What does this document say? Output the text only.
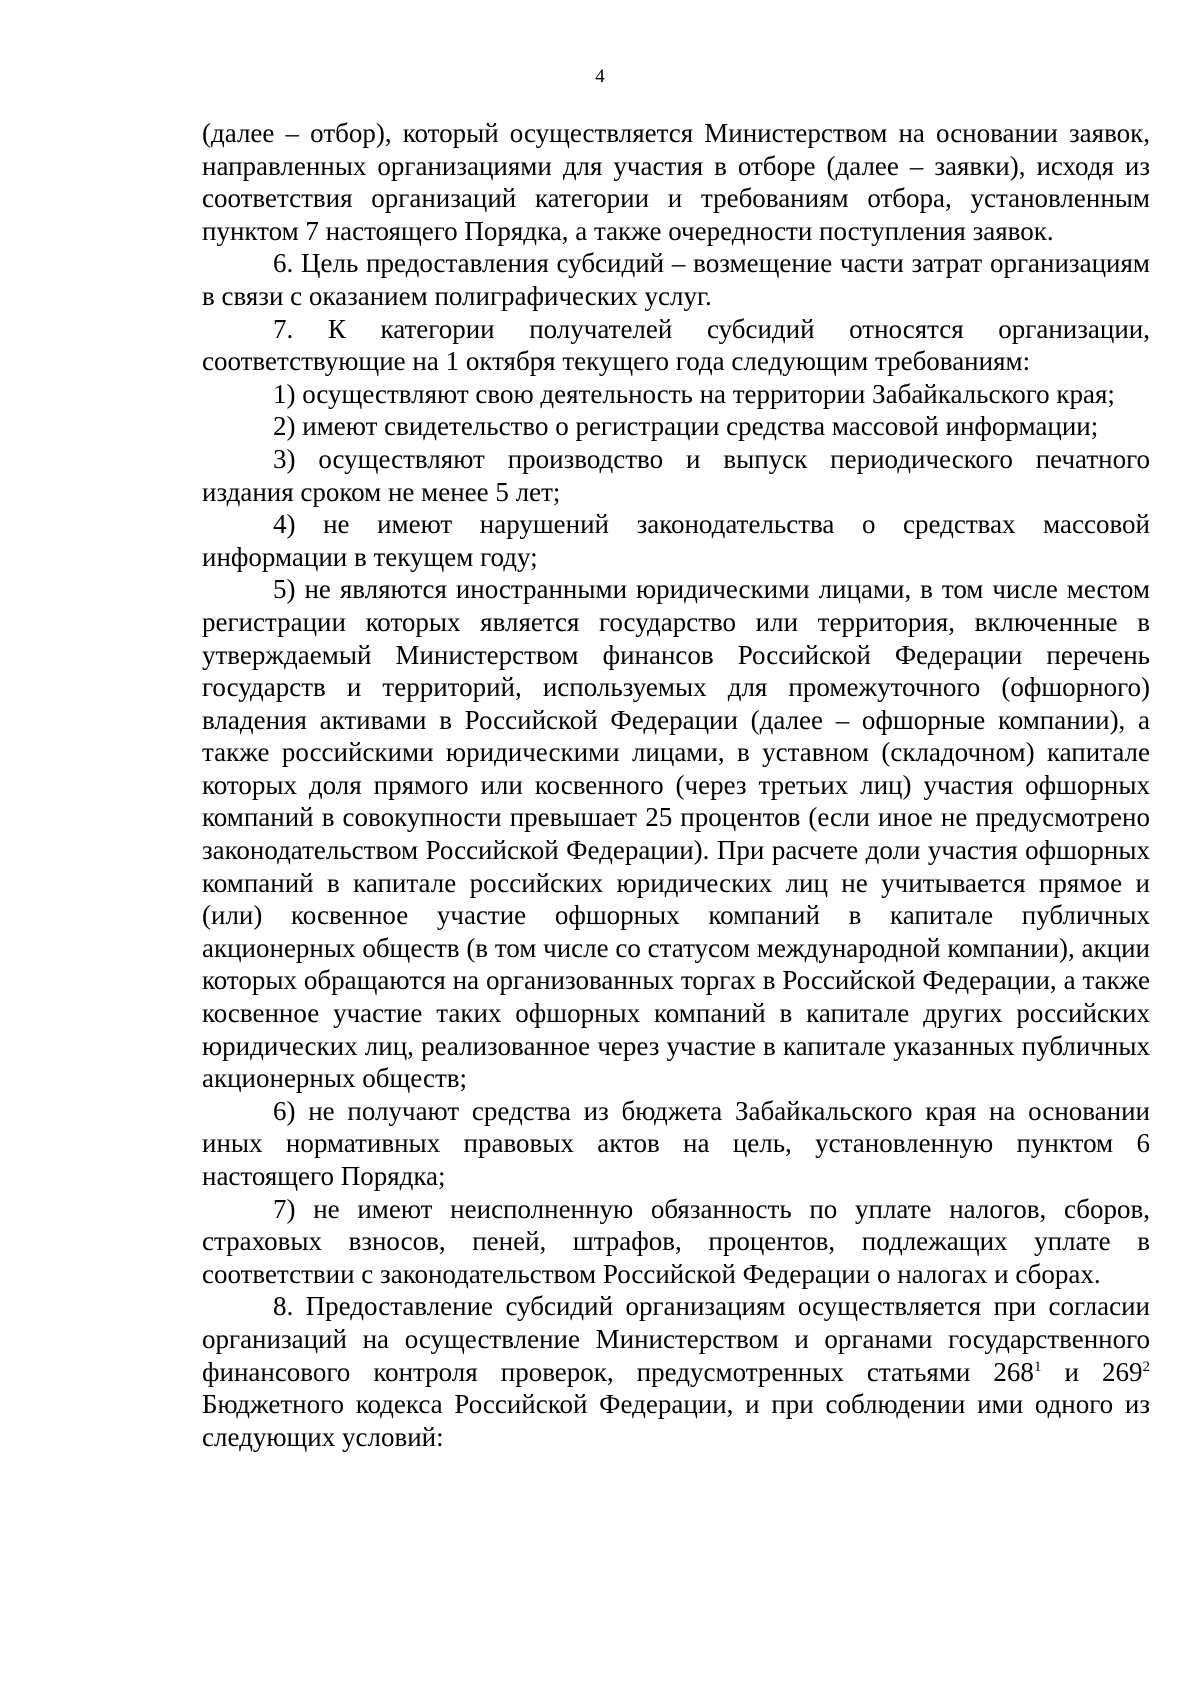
4

(далее – отбор), который осуществляется Министерством на основании заявок, направленных организациями для участия в отборе (далее – заявки), исходя из соответствия организаций категории и требованиям отбора, установленным пунктом 7 настоящего Порядка, а также очередности поступления заявок.

6. Цель предоставления субсидий – возмещение части затрат организациям в связи с оказанием полиграфических услуг.

7. К категории получателей субсидий относятся организации, соответствующие на 1 октября текущего года следующим требованиям:

1) осуществляют свою деятельность на территории Забайкальского края;

2) имеют свидетельство о регистрации средства массовой информации;

3) осуществляют производство и выпуск периодического печатного издания сроком не менее 5 лет;

4) не имеют нарушений законодательства о средствах массовой информации в текущем году;

5) не являются иностранными юридическими лицами, в том числе местом регистрации которых является государство или территория, включенные в утверждаемый Министерством финансов Российской Федерации перечень государств и территорий, используемых для промежуточного (офшорного) владения активами в Российской Федерации (далее – офшорные компании), а также российскими юридическими лицами, в уставном (складочном) капитале которых доля прямого или косвенного (через третьих лиц) участия офшорных компаний в совокупности превышает 25 процентов (если иное не предусмотрено законодательством Российской Федерации). При расчете доли участия офшорных компаний в капитале российских юридических лиц не учитывается прямое и (или) косвенное участие офшорных компаний в капитале публичных акционерных обществ (в том числе со статусом международной компании), акции которых обращаются на организованных торгах в Российской Федерации, а также косвенное участие таких офшорных компаний в капитале других российских юридических лиц, реализованное через участие в капитале указанных публичных акционерных обществ;

6) не получают средства из бюджета Забайкальского края на основании иных нормативных правовых актов на цель, установленную пунктом 6 настоящего Порядка;

7) не имеют неисполненную обязанность по уплате налогов, сборов, страховых взносов, пеней, штрафов, процентов, подлежащих уплате в соответствии с законодательством Российской Федерации о налогах и сборах.

8. Предоставление субсидий организациям осуществляется при согласии организаций на осуществление Министерством и органами государственного финансового контроля проверок, предусмотренных статьями $268^1$ и $269^2$ Бюджетного кодекса Российской Федерации, и при соблюдении ими одного из следующих условий:
